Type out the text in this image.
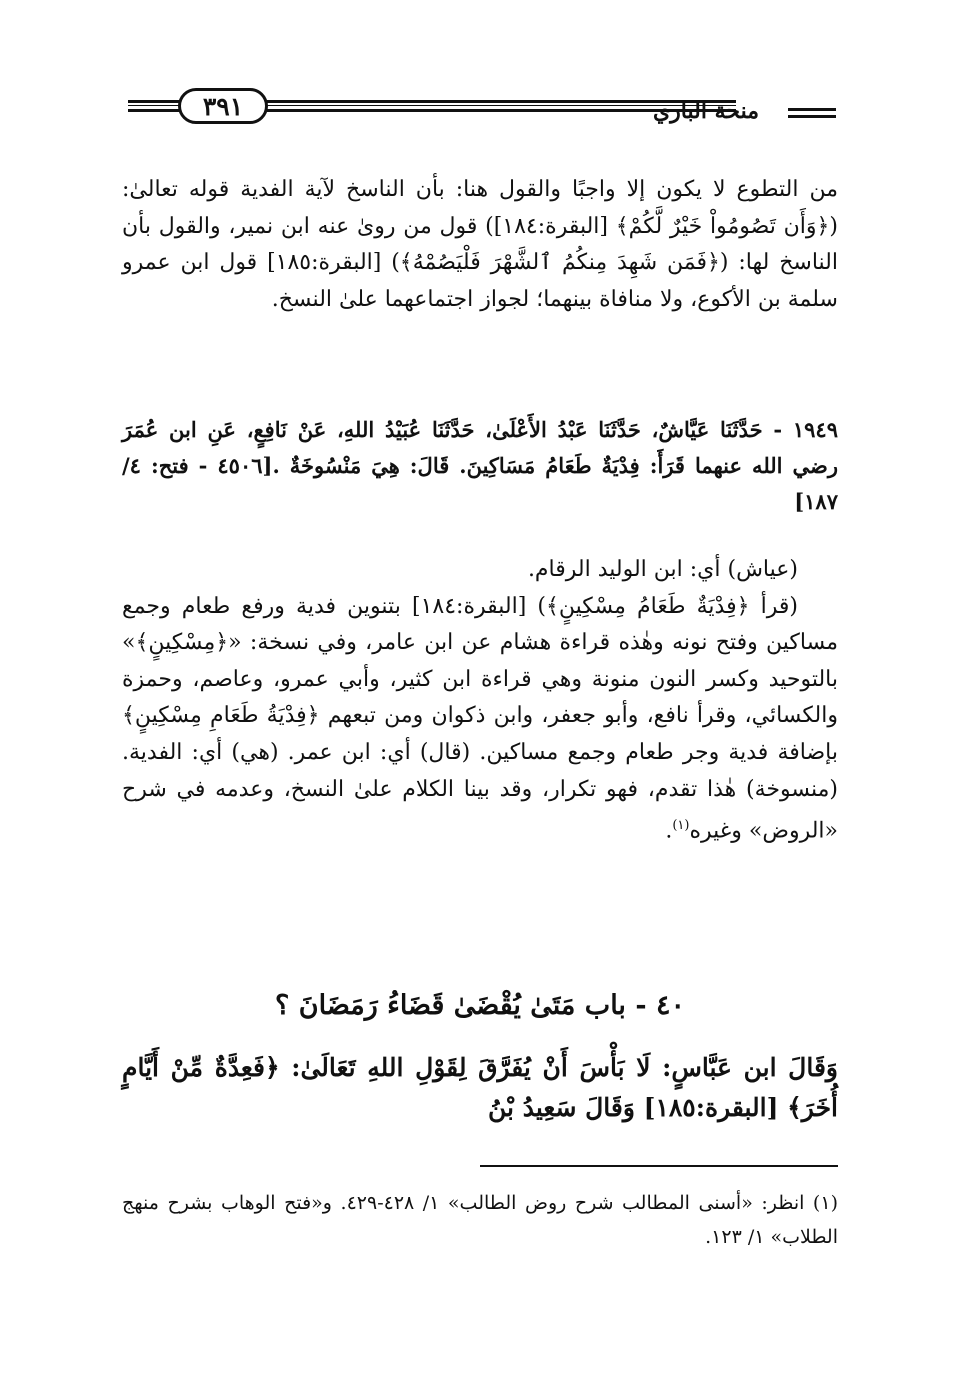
٣٩١	منحة الباري

من التطوع لا يكون إلا واجبًا والقول هنا: بأن الناسخ لآية الفدية قوله تعالىٰ: (﴿وَأَن تَصُومُواْ خَيْرٌ لَّكُمْ﴾ [البقرة:١٨٤]) قول من روىٰ عنه ابن نمير، والقول بأن الناسخ لها: (﴿فَمَن شَهِدَ مِنكُمُ ٱلشَّهْرَ فَلْيَصُمْهُ﴾) [البقرة:١٨٥] قول ابن عمرو سلمة بن الأكوع، ولا منافاة بينهما؛ لجواز اجتماعهما علىٰ النسخ.

١٩٤٩ - حَدَّثَنَا عَيَّاشٌ، حَدَّثَنَا عَبْدُ الأَعْلَىٰ، حَدَّثَنَا عُبَيْدُ اللهِ، عَنْ نَافِعٍ، عَنِ ابن عُمَرَ رضي الله عنهما قَرَأَ: فِدْيَةٌ طَعَامُ مَسَاكِينَ. قَالَ: هِيَ مَنْسُوخَةٌ .[٤٥٠٦ - فتح: ٤/ ١٨٧]

(عياش) أي: ابن الوليد الرقام.

(قرأ ﴿فِدْيَةٌ طَعَامُ مِسْكِينٍ﴾) [البقرة:١٨٤] بتنوين فدية ورفع طعام وجمع مساكين وفتح نونه وهٰذه قراءة هشام عن ابن عامر، وفي نسخة: «﴿مِسْكِينٍ﴾» بالتوحيد وكسر النون منونة وهي قراءة ابن كثير، وأبي عمرو، وعاصم، وحمزة والكسائي، وقرأ نافع، وأبو جعفر، وابن ذكوان ومن تبعهم ﴿فِدْيَةُ طَعَامِ مِسْكِينٍ﴾ بإضافة فدية وجر طعام وجمع مساكين. (قال) أي: ابن عمر. (هي) أي: الفدية. (منسوخة) هٰذا تقدم، فهو تكرار، وقد بينا الكلام علىٰ النسخ، وعدمه في شرح «الروض» وغيره$^{(١)}$.

٤٠ - باب مَتَىٰ يُقْضَىٰ قَضَاءُ رَمَضَانَ ؟
وَقَالَ ابن عَبَّاسٍ: لَا بَأْسَ أَنْ يُفَرَّقَ لِقَوْلِ اللهِ تَعَالَىٰ: ﴿فَعِدَّةٌ مِّنْ أَيَّامٍ أُخَرَ﴾ [البقرة:١٨٥] وَقَالَ سَعِيدُ بْنُ
(١) انظر: «أسنى المطالب شرح روض الطالب» ١/ ٤٢٨-٤٢٩. و«فتح الوهاب بشرح منهج الطلاب» ١/ ١٢٣.
